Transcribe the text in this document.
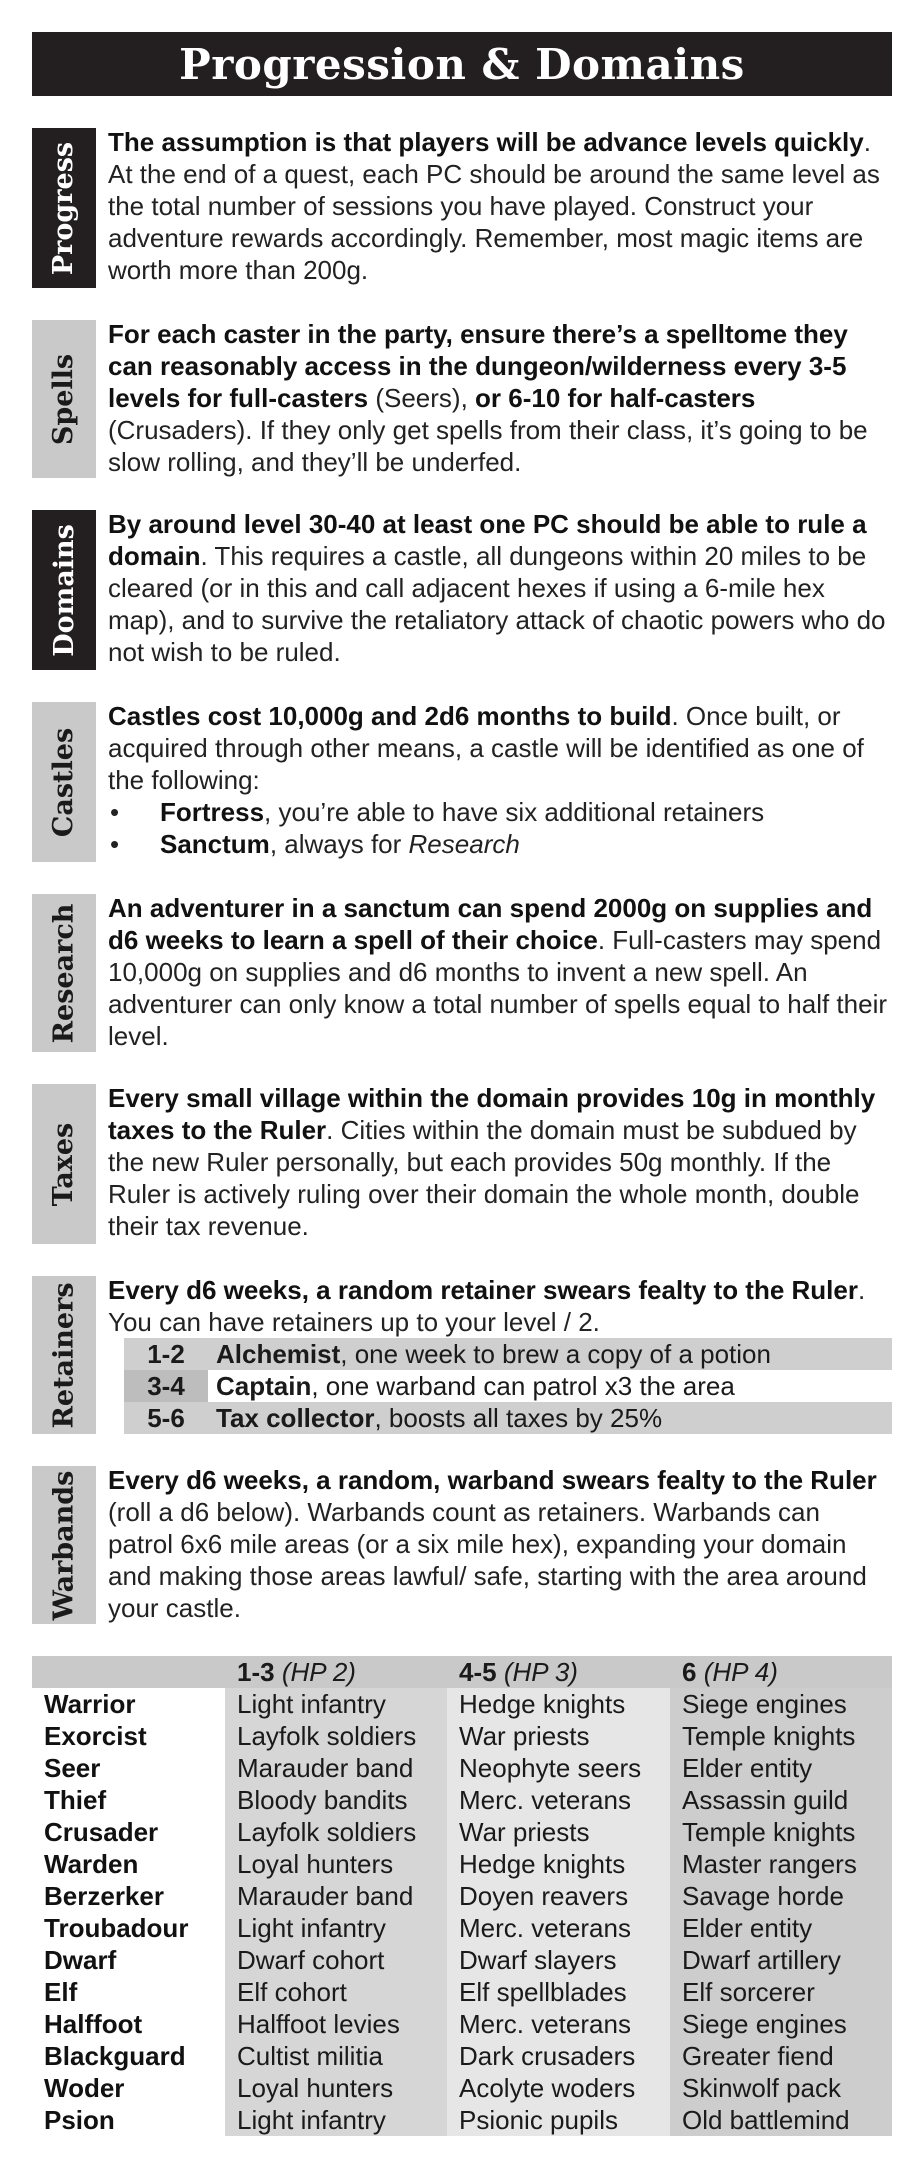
Progression & Domains
Progress The assumption is that players will be advance levels quickly. At the end of a quest, each PC should be around the same level as the total number of sessions you have played. Construct your adventure rewards accordingly. Remember, most magic items are worth more than 200g.

Spells

For each caster in the party, ensure there’s a spelltome they can reasonably access in the dungeon/wilderness every 3-5 levels for full-casters (Seers), or 6-10 for half-casters (Crusaders). If they only get spells from their class, it’s going to be slow rolling, and they’ll be underfed.

Domains By around level 30-40 at least one PC should be able to rule a domain. This requires a castle, all dungeons within 20 miles to be cleared (or in this and call adjacent hexes if using a 6-mile hex map), and to survive the retaliatory attack of chaotic powers who do not wish to be ruled.

Castles

Castles cost 10,000g and 2d6 months to build. Once built, or acquired through other means, a castle will be identified as one of the following:

• Fortress, you’re able to have six additional retainers
• Sanctum, always for Research
Research An adventurer in a sanctum can spend 2000g on supplies and d6 weeks to learn a spell of their choice. Full-casters may spend 10,000g on supplies and d6 months to invent a new spell. An adventurer can only know a total number of spells equal to half their level.

Taxes

Every small village within the domain provides 10g in monthly taxes to the Ruler. Cities within the domain must be subdued by the new Ruler personally, but each provides 50g monthly. If the Ruler is actively ruling over their domain the whole month, double their tax revenue.

Retainers Every d6 weeks, a random retainer swears fealty to the Ruler. You can have retainers up to your level / 2.

1-2	Alchemist, one week to brew a copy of a potion
3-4	Captain, one warband can patrol x3 the area
5-6	Tax collector, boosts all taxes by 25%
Warbands Every d6 weeks, a random, warband swears fealty to the Ruler (roll a d6 below). Warbands count as retainers. Warbands can patrol 6x6 mile areas (or a six mile hex), expanding your domain and making those areas lawful/ safe, starting with the area around your castle.

	1-3 (HP 2)	4-5 (HP 3)	6 (HP 4)
Warrior	Light infantry	Hedge knights	Siege engines
Exorcist	Layfolk soldiers	War priests	Temple knights
Seer	Marauder band	Neophyte seers	Elder entity
Thief	Bloody bandits	Merc. veterans	Assassin guild
Crusader	Layfolk soldiers	War priests	Temple knights
Warden	Loyal hunters	Hedge knights	Master rangers
Berzerker	Marauder band	Doyen reavers	Savage horde
Troubadour	Light infantry	Merc. veterans	Elder entity
Dwarf	Dwarf cohort	Dwarf slayers	Dwarf artillery
Elf	Elf cohort	Elf spellblades	Elf sorcerer
Halffoot	Halffoot levies	Merc. veterans	Siege engines
Blackguard	Cultist militia	Dark crusaders	Greater fiend
Woder	Loyal hunters	Acolyte woders	Skinwolf pack
Psion	Light infantry	Psionic pupils	Old battlemind
